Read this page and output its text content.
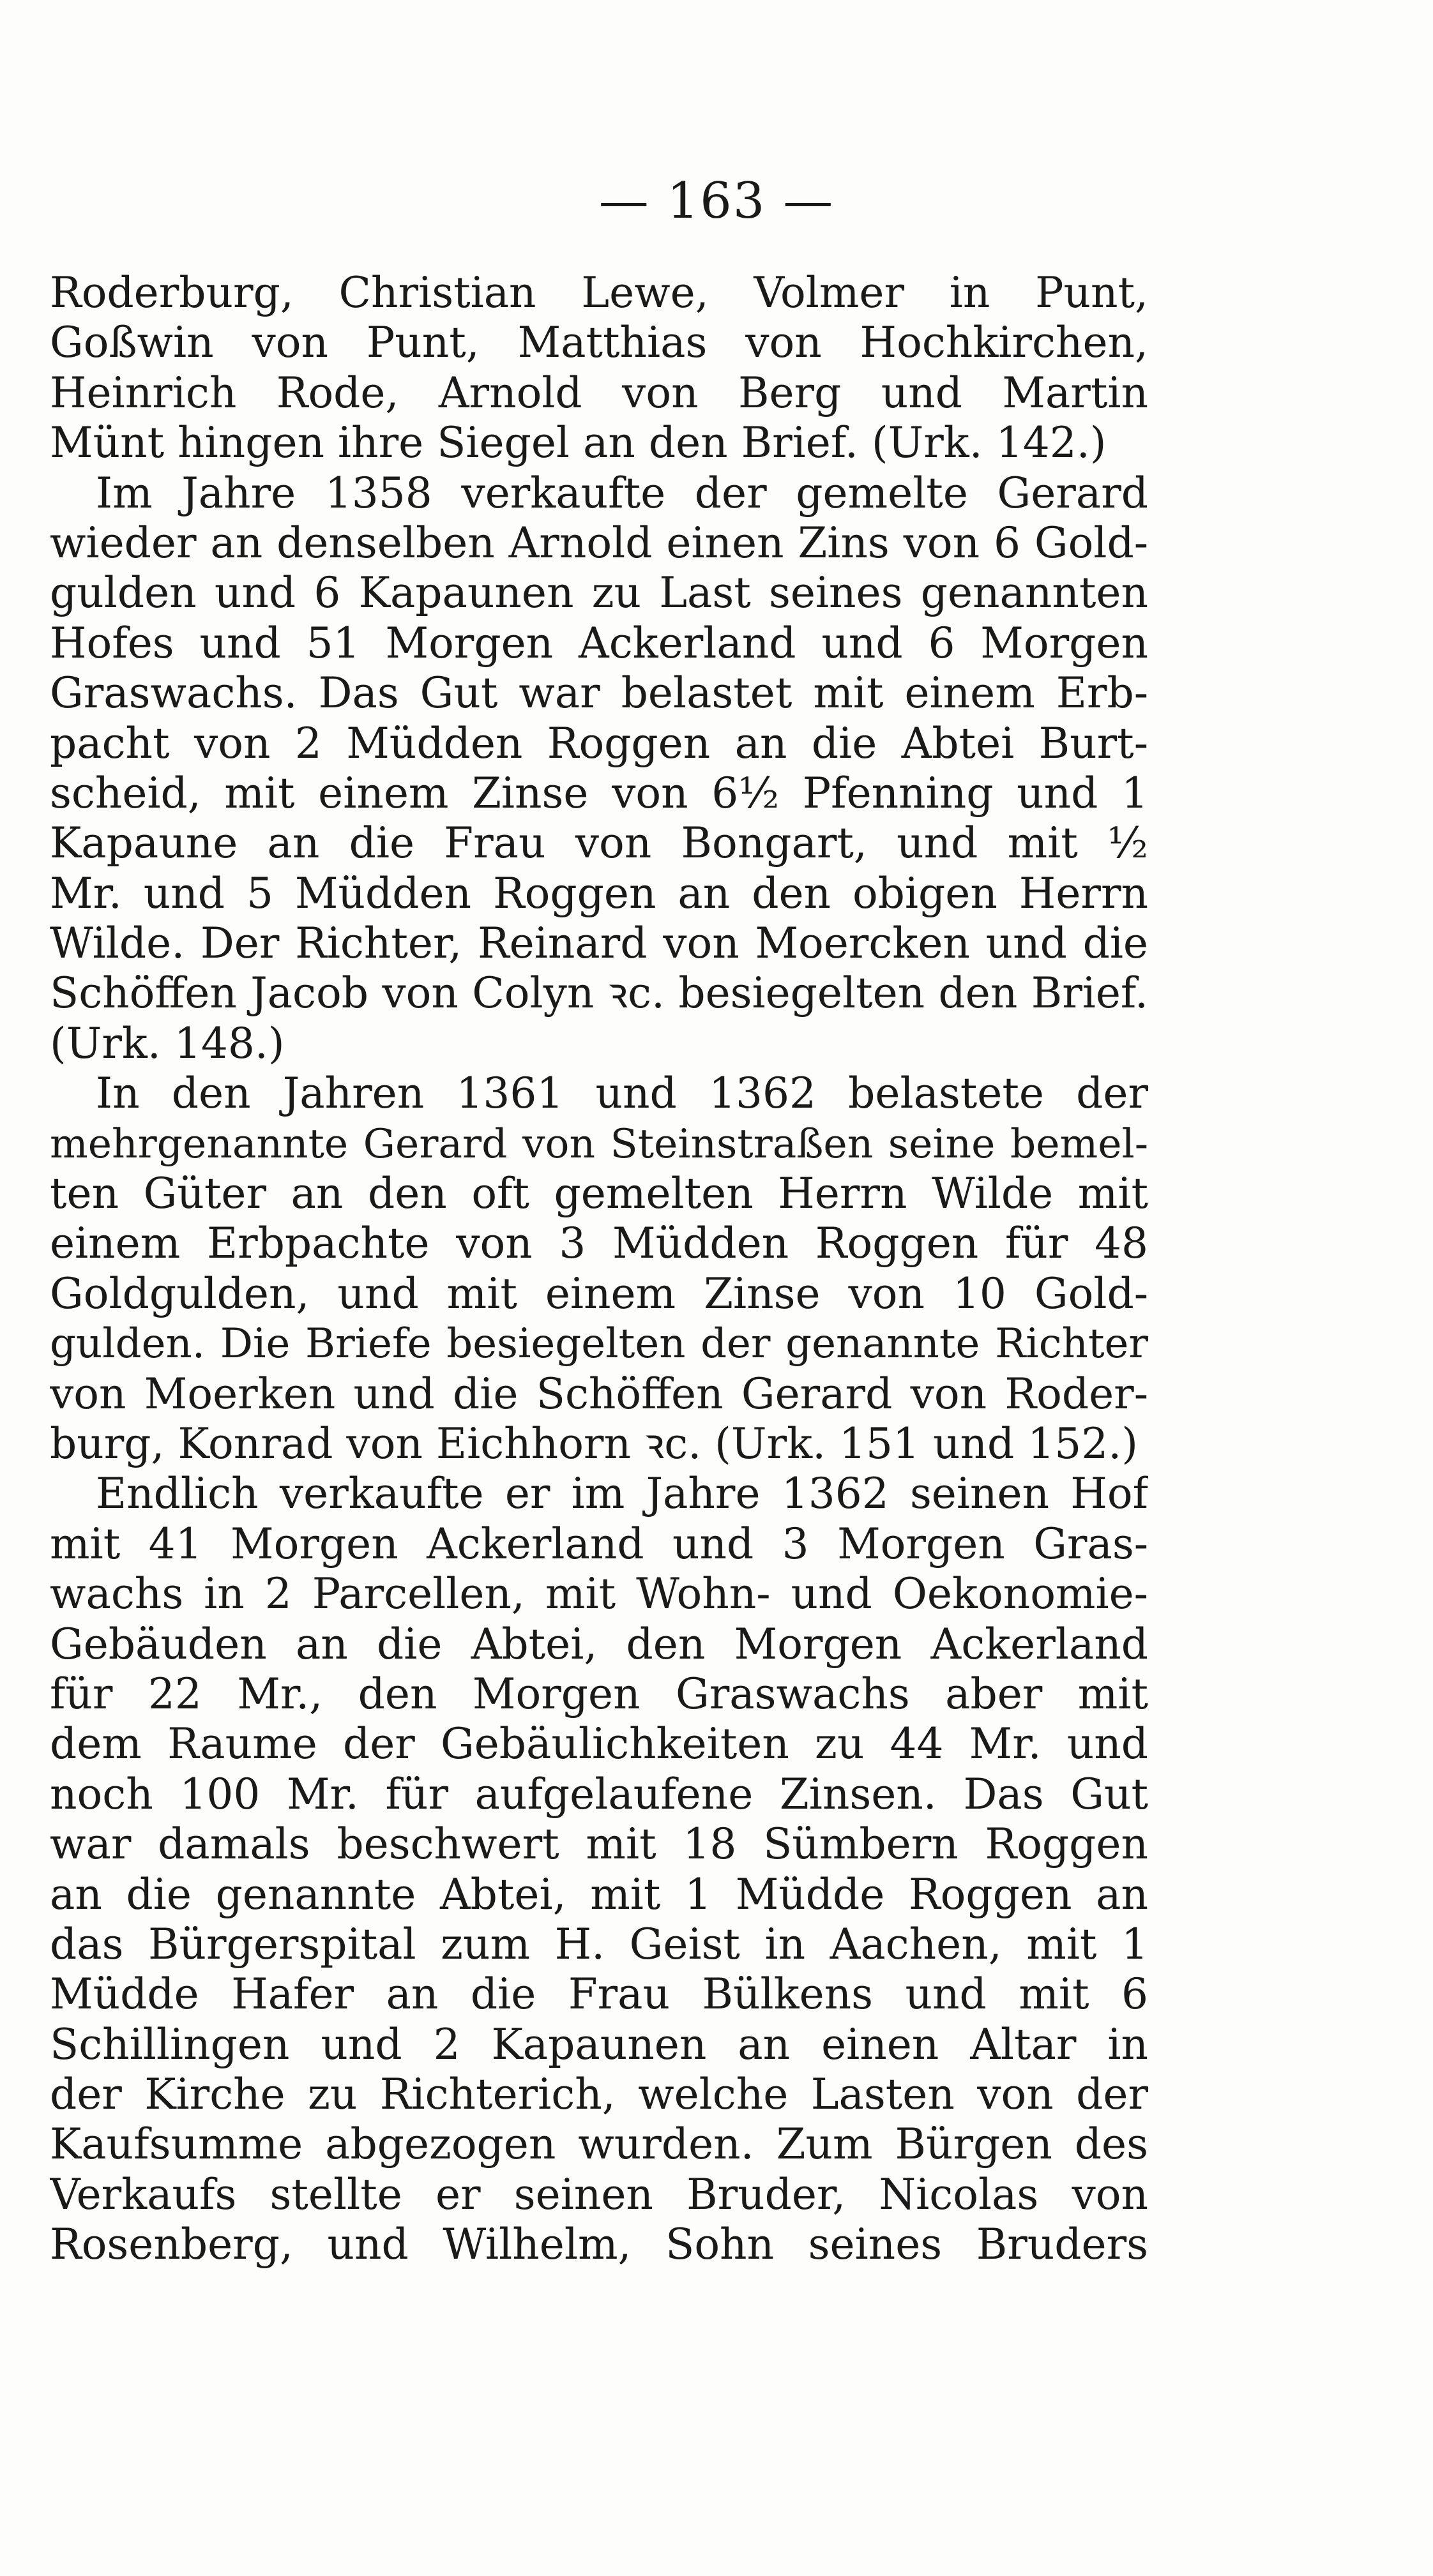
— 163 —
Roderburg, Christian Lewe, Volmer in Punt,
Goßwin von Punt, Matthias von Hochkirchen,
Heinrich Rode, Arnold von Berg und Martin
Münt hingen ihre Siegel an den Brief. (Urk. 142.)
Im Jahre 1358 verkaufte der gemelte Gerard
wieder an denselben Arnold einen Zins von 6 Gold-
gulden und 6 Kapaunen zu Last seines genannten
Hofes und 51 Morgen Ackerland und 6 Morgen
Graswachs. Das Gut war belastet mit einem Erb-
pacht von 2 Müdden Roggen an die Abtei Burt-
scheid, mit einem Zinse von 6½ Pfenning und 1
Kapaune an die Frau von Bongart, und mit ½
Mr. und 5 Müdden Roggen an den obigen Herrn
Wilde. Der Richter, Reinard von Moercken und die
Schöffen Jacob von Colyn ꝛc. besiegelten den Brief.
(Urk. 148.)
In den Jahren 1361 und 1362 belastete der
mehrgenannte Gerard von Steinstraßen seine bemel-
ten Güter an den oft gemelten Herrn Wilde mit
einem Erbpachte von 3 Müdden Roggen für 48
Goldgulden, und mit einem Zinse von 10 Gold-
gulden. Die Briefe besiegelten der genannte Richter
von Moerken und die Schöffen Gerard von Roder-
burg, Konrad von Eichhorn ꝛc. (Urk. 151 und 152.)
Endlich verkaufte er im Jahre 1362 seinen Hof
mit 41 Morgen Ackerland und 3 Morgen Gras-
wachs in 2 Parcellen, mit Wohn- und Oekonomie-
Gebäuden an die Abtei, den Morgen Ackerland
für 22 Mr., den Morgen Graswachs aber mit
dem Raume der Gebäulichkeiten zu 44 Mr. und
noch 100 Mr. für aufgelaufene Zinsen. Das Gut
war damals beschwert mit 18 Sümbern Roggen
an die genannte Abtei, mit 1 Müdde Roggen an
das Bürgerspital zum H. Geist in Aachen, mit 1
Müdde Hafer an die Frau Bülkens und mit 6
Schillingen und 2 Kapaunen an einen Altar in
der Kirche zu Richterich, welche Lasten von der
Kaufsumme abgezogen wurden. Zum Bürgen des
Verkaufs stellte er seinen Bruder, Nicolas von
Rosenberg, und Wilhelm, Sohn seines Bruders
